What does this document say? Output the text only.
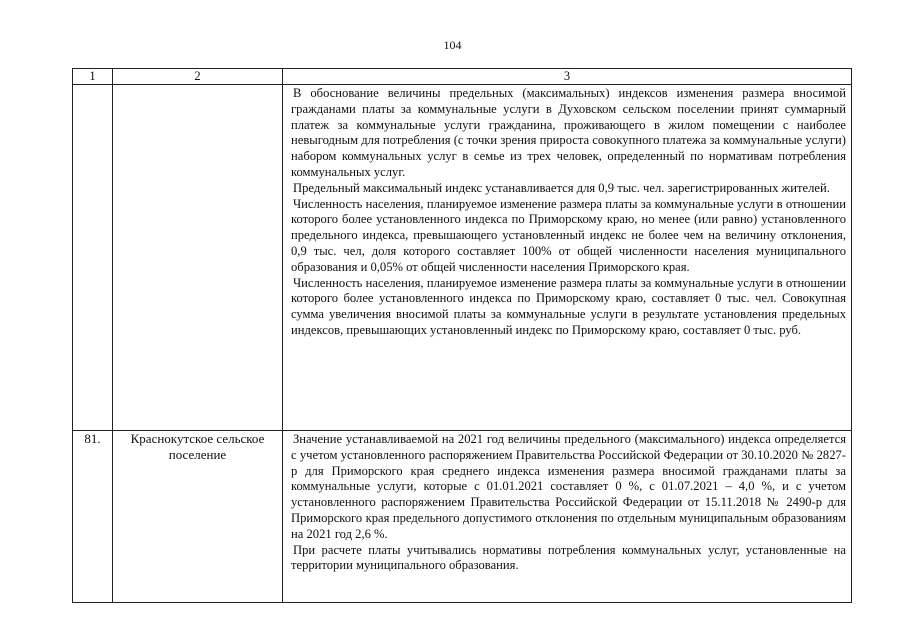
104
1	2	3

		В обоснование величины предельных (максимальных) индексов изменения размера вносимой гражданами платы за коммунальные услуги в Духовском сельском поселении принят суммарный платеж за коммунальные услуги гражданина, проживающего в жилом помещении с наиболее невыгодным для потребления (с точки зрения прироста совокупного платежа за коммунальные услуги) набором коммунальных услуг в семье из трех человек, определенный по нормативам потребления коммунальных услуг.

Предельный максимальный индекс устанавливается для 0,9 тыс. чел. зарегистрированных жителей.

Численность населения, планируемое изменение размера платы за коммунальные услуги в отношении которого более установленного индекса по Приморскому краю, но менее (или равно) установленного предельного индекса, превышающего установленный индекс не более чем на величину отклонения, 0,9 тыс. чел, доля которого составляет 100% от общей численности населения муниципального образования и 0,05% от общей численности населения Приморского края.

Численность населения, планируемое изменение размера платы за коммунальные услуги в отношении которого более установленного индекса по Приморскому краю, составляет 0 тыс. чел. Совокупная сумма увеличения вносимой платы за коммунальные услуги в результате установления предельных индексов, превышающих установленный индекс по Приморскому краю, составляет 0 тыс. руб.

81.	Краснокутское сельское поселение	Значение устанавливаемой на 2021 год величины предельного (максимального) индекса определяется с учетом установленного распоряжением Правительства Российской Федерации от 30.10.2020 № 2827-р для Приморского края среднего индекса изменения размера вносимой гражданами платы за коммунальные услуги, которые с 01.01.2021 составляет 0 %, с 01.07.2021 – 4,0 %, и с учетом установленного распоряжением Правительства Российской Федерации от 15.11.2018 № 2490-р для Приморского края предельного допустимого отклонения по отдельным муниципальным образованиям на 2021 год 2,6 %.

При расчете платы учитывались нормативы потребления коммунальных услуг, установленные на территории муниципального образования.
